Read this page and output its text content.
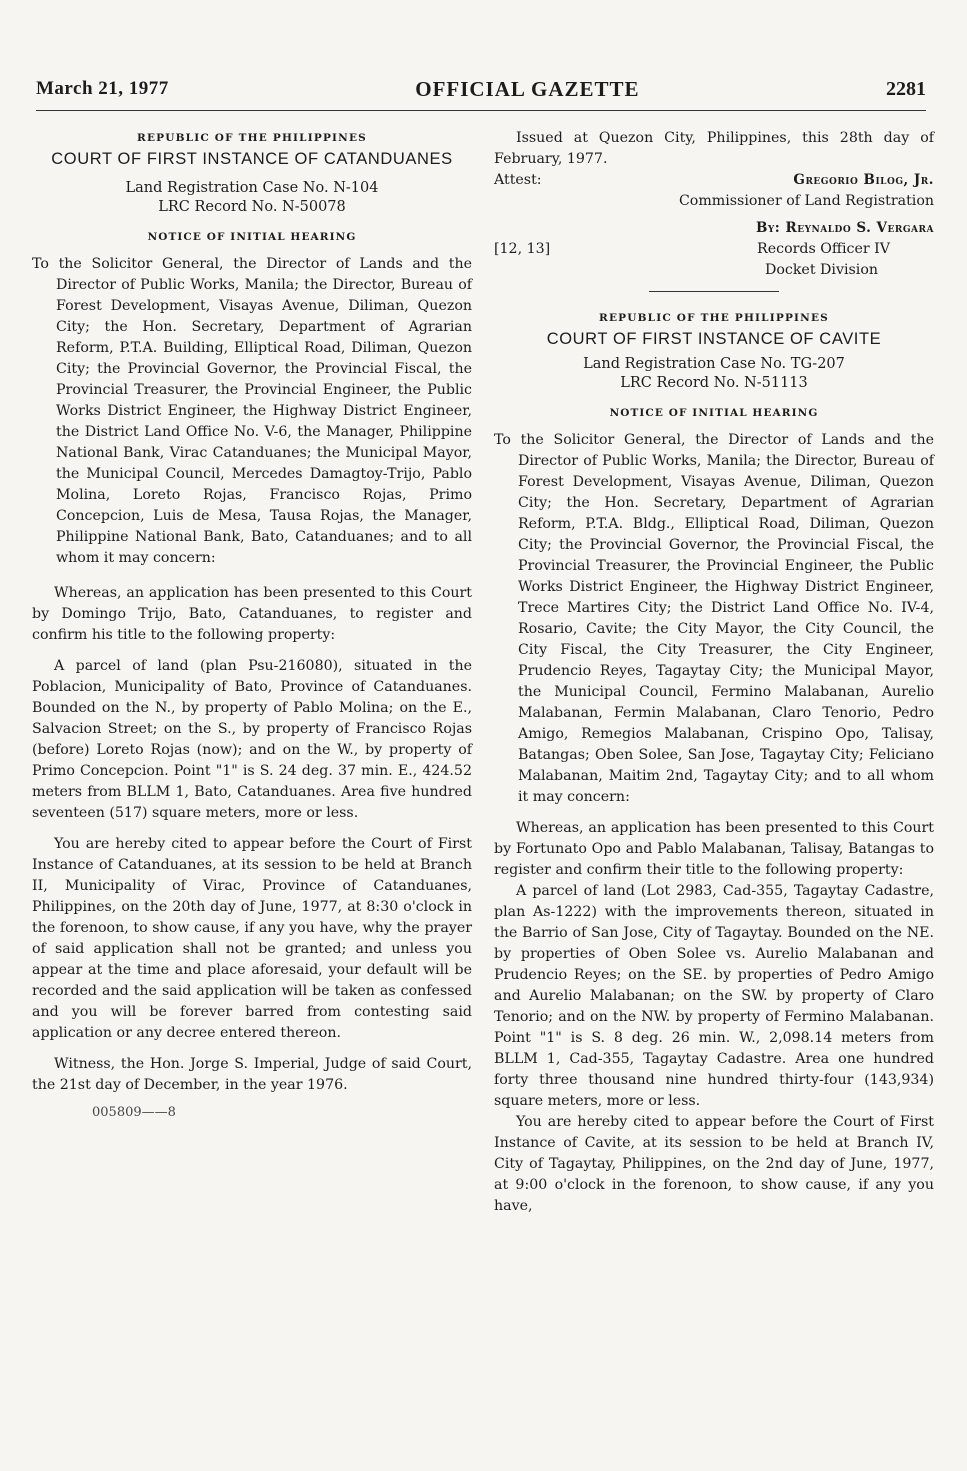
March 21, 1977	OFFICIAL GAZETTE	2281
REPUBLIC OF THE PHILIPPINES
COURT OF FIRST INSTANCE OF CATANDUANES
Land Registration Case No. N-104
LRC Record No. N-50078
NOTICE OF INITIAL HEARING
To the Solicitor General, the Director of Lands and the Director of Public Works, Manila; the Director, Bureau of Forest Development, Visayas Avenue, Diliman, Quezon City; the Hon. Secretary, Department of Agrarian Reform, P.T.A. Building, Elliptical Road, Diliman, Quezon City; the Provincial Governor, the Provincial Fiscal, the Provincial Treasurer, the Provincial Engineer, the Public Works District Engineer, the Highway District Engineer, the District Land Office No. V-6, the Manager, Philippine National Bank, Virac Catanduanes; the Municipal Mayor, the Municipal Council, Mercedes Damagtoy-Trijo, Pablo Molina, Loreto Rojas, Francisco Rojas, Primo Concepcion, Luis de Mesa, Tausa Rojas, the Manager, Philippine National Bank, Bato, Catanduanes; and to all whom it may concern:

Whereas, an application has been presented to this Court by Domingo Trijo, Bato, Catanduanes, to register and confirm his title to the following property:

A parcel of land (plan Psu-216080), situated in the Poblacion, Municipality of Bato, Province of Catanduanes. Bounded on the N., by property of Pablo Molina; on the E., Salvacion Street; on the S., by property of Francisco Rojas (before) Loreto Rojas (now); and on the W., by property of Primo Concepcion. Point "1" is S. 24 deg. 37 min. E., 424.52 meters from BLLM 1, Bato, Catanduanes. Area five hundred seventeen (517) square meters, more or less.

You are hereby cited to appear before the Court of First Instance of Catanduanes, at its session to be held at Branch II, Municipality of Virac, Province of Catanduanes, Philippines, on the 20th day of June, 1977, at 8:30 o'clock in the forenoon, to show cause, if any you have, why the prayer of said application shall not be granted; and unless you appear at the time and place aforesaid, your default will be recorded and the said application will be taken as confessed and you will be forever barred from contesting said application or any decree entered thereon.

Witness, the Hon. Jorge S. Imperial, Judge of said Court, the 21st day of December, in the year 1976.

005809——8

Issued at Quezon City, Philippines, this 28th day of February, 1977.

Attest:	Gregorio Bilog, Jr.
Commissioner of Land Registration
By: Reynaldo S. Vergara
[12, 13]	Records Officer IV
Docket Division
REPUBLIC OF THE PHILIPPINES
COURT OF FIRST INSTANCE OF CAVITE
Land Registration Case No. TG-207
LRC Record No. N-51113
NOTICE OF INITIAL HEARING
To the Solicitor General, the Director of Lands and the Director of Public Works, Manila; the Director, Bureau of Forest Development, Visayas Avenue, Diliman, Quezon City; the Hon. Secretary, Department of Agrarian Reform, P.T.A. Bldg., Elliptical Road, Diliman, Quezon City; the Provincial Governor, the Provincial Fiscal, the Provincial Treasurer, the Provincial Engineer, the Public Works District Engineer, the Highway District Engineer, Trece Martires City; the District Land Office No. IV-4, Rosario, Cavite; the City Mayor, the City Council, the City Fiscal, the City Treasurer, the City Engineer, Prudencio Reyes, Tagaytay City; the Municipal Mayor, the Municipal Council, Fermino Malabanan, Aurelio Malabanan, Fermin Malabanan, Claro Tenorio, Pedro Amigo, Remegios Malabanan, Crispino Opo, Talisay, Batangas; Oben Solee, San Jose, Tagaytay City; Feliciano Malabanan, Maitim 2nd, Tagaytay City; and to all whom it may concern:

Whereas, an application has been presented to this Court by Fortunato Opo and Pablo Malabanan, Talisay, Batangas to register and confirm their title to the following property:

A parcel of land (Lot 2983, Cad-355, Tagaytay Cadastre, plan As-1222) with the improvements thereon, situated in the Barrio of San Jose, City of Tagaytay. Bounded on the NE. by properties of Oben Solee vs. Aurelio Malabanan and Prudencio Reyes; on the SE. by properties of Pedro Amigo and Aurelio Malabanan; on the SW. by property of Claro Tenorio; and on the NW. by property of Fermino Malabanan. Point "1" is S. 8 deg. 26 min. W., 2,098.14 meters from BLLM 1, Cad-355, Tagaytay Cadastre. Area one hundred forty three thousand nine hundred thirty-four (143,934) square meters, more or less.

You are hereby cited to appear before the Court of First Instance of Cavite, at its session to be held at Branch IV, City of Tagaytay, Philippines, on the 2nd day of June, 1977, at 9:00 o'clock in the forenoon, to show cause, if any you have,
